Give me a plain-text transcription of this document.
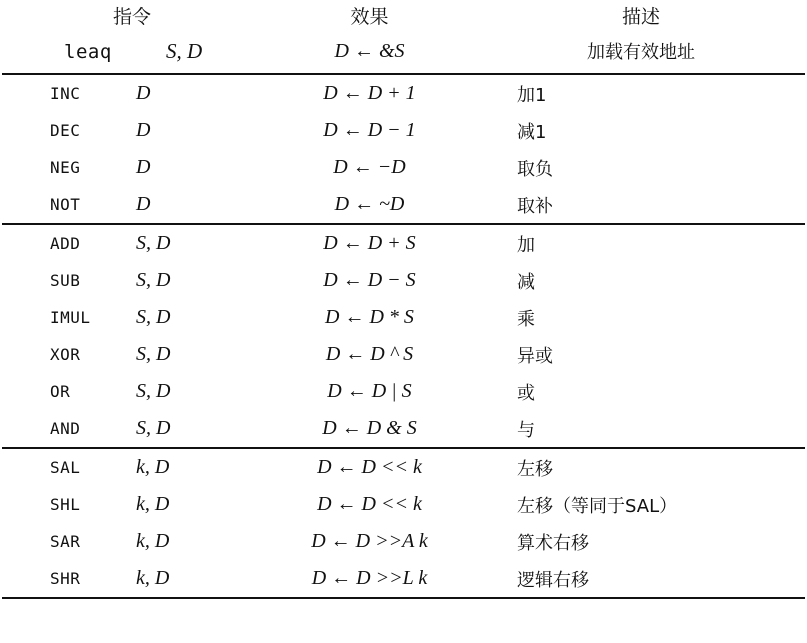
指令	效果	描述

leaq S, D	D ← &S	加载有效地址

INC D	D ← D + 1	加1

DEC D	D ← D − 1	减1

NEG D	D ← −D	取负

NOT D	D ← ~D	取补

ADD S, D	D ← D + S	加

SUB S, D	D ← D − S	减

IMUL S, D	D ← D * S	乘

XOR S, D	D ← D ^ S	异或

OR S, D	D ← D | S	或

AND S, D	D ← D & S	与

SAL k, D	D ← D << k	左移

SHL k, D	D ← D << k	左移（等同于SAL）

SAR k, D	D ← D >>A k	算术右移

SHR k, D	D ← D >>L k	逻辑右移
